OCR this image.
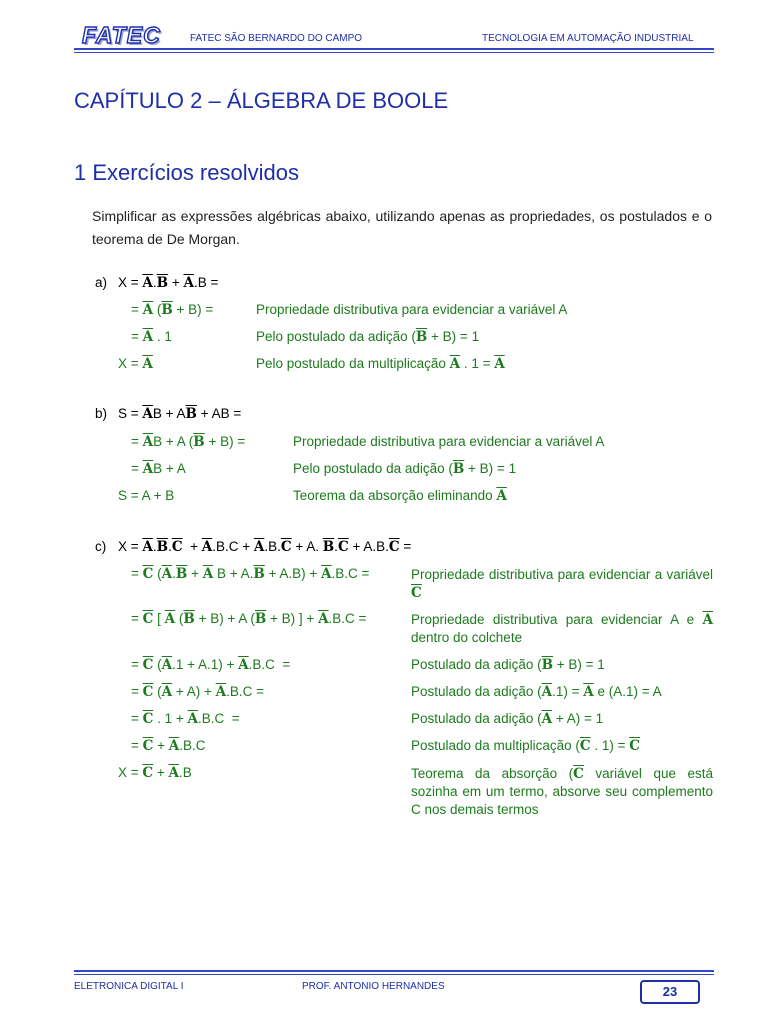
FATEC	FATEC SÃO BERNARDO DO CAMPO	TECNOLOGIA EM AUTOMAÇÃO INDUSTRIAL
CAPÍTULO 2 – ÁLGEBRA DE BOOLE
1 Exercícios resolvidos
Simplificar as expressões algébricas abaixo, utilizando apenas as propriedades, os postulados e o teorema de De Morgan.
a) $X = \overline{A}.\overline{B} + \overline{A}.B$ =
= $\overline{A}$ $(\overline{B} + B)$ =	Propriedade distributiva para evidenciar a variável A
= $\overline{A}$ . 1	Pelo postulado da adição $(\overline{B} + B) = 1$
$X = \overline{A}$	Pelo postulado da multiplicação $\overline{A}$ . $1 = \overline{A}$
b) $S = \overline{A}B + A\overline{B}$ + AB =
= $\overline{A}B + A$ $(\overline{B} + B)$ =	Propriedade distributiva para evidenciar a variável A
= $\overline{A}B + A$	Pelo postulado da adição $(\overline{B} + B) = 1$
S = A + B	Teorema da absorção eliminando $\overline{A}$
c) $X = \overline{A}.\overline{B}.\overline{C} + \overline{A}.B.C + \overline{A}.B.\overline{C} + A$. $\overline{B}.\overline{C} + A.B.\overline{C}$ =
= $\overline{C}$ ($\overline{A}.\overline{B} + \overline{A}$ $B + A.\overline{B} + A.B) + \overline{A}.B.C$ =	Propriedade distributiva para evidenciar a variável $\overline{C}$
= $\overline{C}$ [ $\overline{A}$ $(\overline{B} + B) + A$ $(\overline{B} + B)$ ] + $\overline{A}.B.C$ =	Propriedade distributiva para evidenciar A e $\overline{A}$ dentro do colchete
= $\overline{C}$ $(\overline{A}.1 + A.1) + \overline{A}.B.C$  =	Postulado da adição $(\overline{B} + B) = 1$
= $\overline{C}$ $(\overline{A} + A) + \overline{A}.B.C$ =	Postulado da adição $(\overline{A}.1) = \overline{A}$ e (A.1) = A
= $\overline{C}$ . $1 + \overline{A}.B.C$  =	Postulado da adição $(\overline{A} + A) = 1$
= $\overline{C} + \overline{A}.B.C$	Postulado da multiplicação ($\overline{C}$ . $1) = \overline{C}$
$X = \overline{C} + \overline{A}.B$	Teorema da absorção ($\overline{C}$ variável que está sozinha em um termo, absorve seu complemento C nos demais termos
ELETRONICA DIGITAL I	PROF. ANTONIO HERNANDES	23
